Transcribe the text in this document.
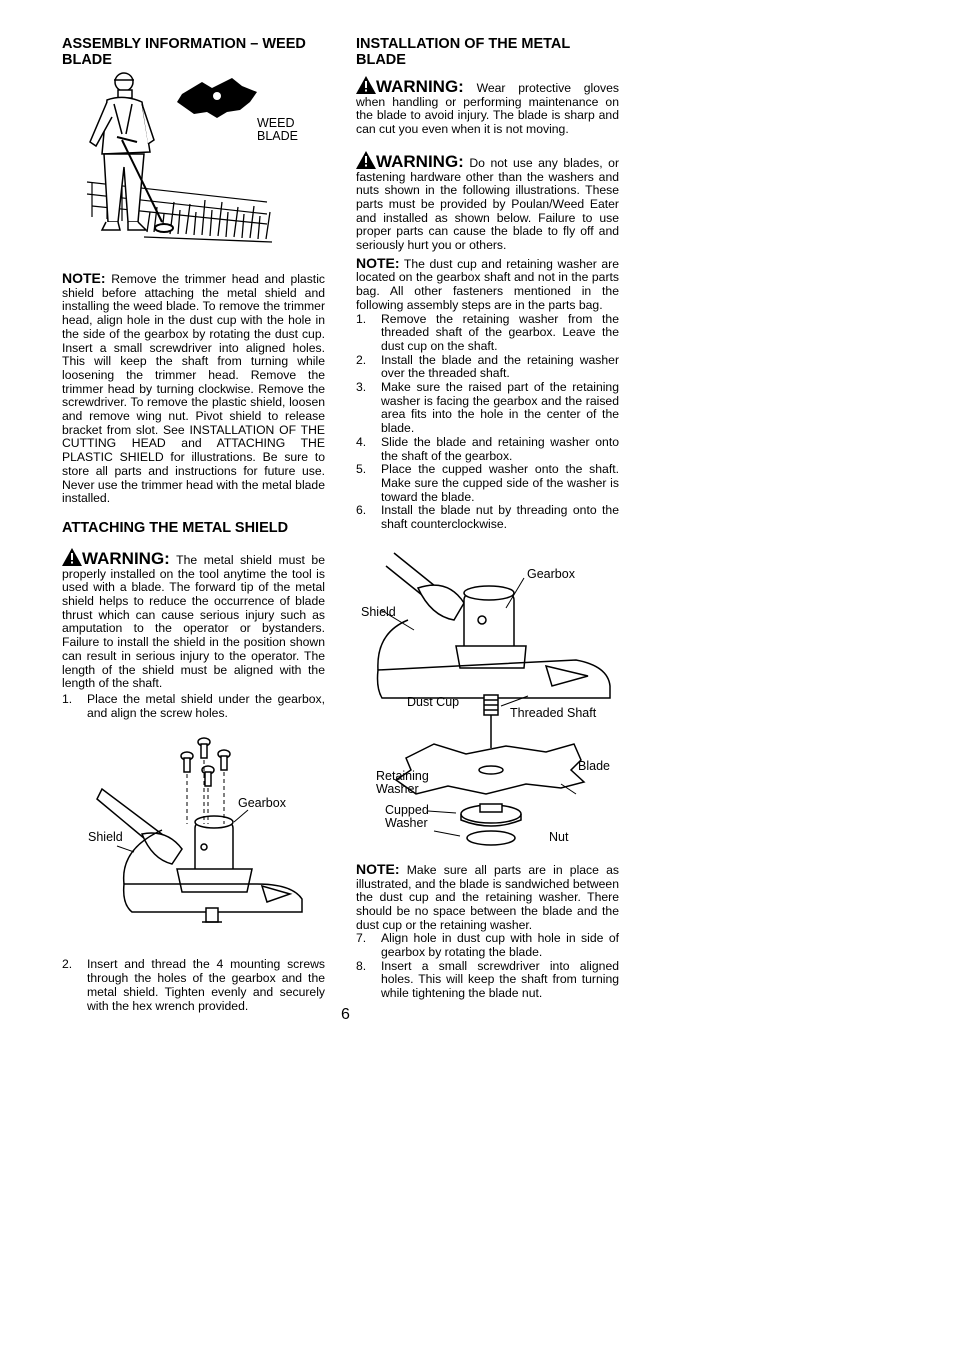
ASSEMBLY INFORMATION – WEED BLADE
WEED
BLADE

NOTE: Remove the trimmer head and plastic shield before attaching the metal shield and installing the weed blade. To remove the trimmer head, align hole in the dust cup with the hole in the side of the gearbox by rotating the dust cup. Insert a small screwdriver into aligned holes. This will keep the shaft from turning while loosening the trimmer head. Remove the trimmer head by turning clockwise. Remove the screwdriver. To remove the plastic shield, loosen and remove wing nut. Pivot shield to release bracket from slot. See INSTALLATION OF THE CUTTING HEAD and ATTACHING THE PLASTIC SHIELD for illustrations. Be sure to store all parts and instructions for future use. Never use the trimmer head with the metal blade installed.

ATTACHING THE METAL SHIELD

WARNING: The metal shield must be properly installed on the tool anytime the tool is used with a blade. The forward tip of the metal shield helps to reduce the occurrence of blade thrust which can cause serious injury such as amputation to the operator or bystanders. Failure to install the shield in the position shown can result in serious injury to the operator. The length of the shield must be aligned with the length of the shaft.

1. Place the metal shield under the gearbox, and align the screw holes.
Gearbox
Shield
2. Insert and thread the 4 mounting screws through the holes of the gearbox and the metal shield. Tighten evenly and securely with the hex wrench provided.
INSTALLATION OF THE METAL BLADE

WARNING: Wear protective gloves when handling or performing maintenance on the blade to avoid injury. The blade is sharp and can cut you even when it is not moving.

WARNING: Do not use any blades, or fastening hardware other than the washers and nuts shown in the following illustrations. These parts must be provided by Poulan/Weed Eater and installed as shown below. Failure to use proper parts can cause the blade to fly off and seriously hurt you or others.

NOTE: The dust cup and retaining washer are located on the gearbox shaft and not in the parts bag. All other fasteners mentioned in the following assembly steps are in the parts bag.

1. Remove the retaining washer from the threaded shaft of the gearbox. Leave the dust cup on the shaft.
2. Install the blade and the retaining washer over the threaded shaft.
3. Make sure the raised part of the retaining washer is facing the gearbox and the raised area fits into the hole in the center of the blade.
4. Slide the blade and retaining washer onto the shaft of the gearbox.
5. Place the cupped washer onto the shaft. Make sure the cupped side of the washer is toward the blade.
6. Install the blade nut by threading onto the shaft counterclockwise.
Gearbox
Shield
Dust Cup
Threaded Shaft
Blade
Retaining
Washer
Cupped
Washer
Nut

NOTE: Make sure all parts are in place as illustrated, and the blade is sandwiched between the dust cup and the retaining washer. There should be no space between the blade and the dust cup or the retaining washer.

7. Align hole in dust cup with hole in side of gearbox by rotating the blade.
8. Insert a small screwdriver into aligned holes. This will keep the shaft from turning while tightening the blade nut.
6
